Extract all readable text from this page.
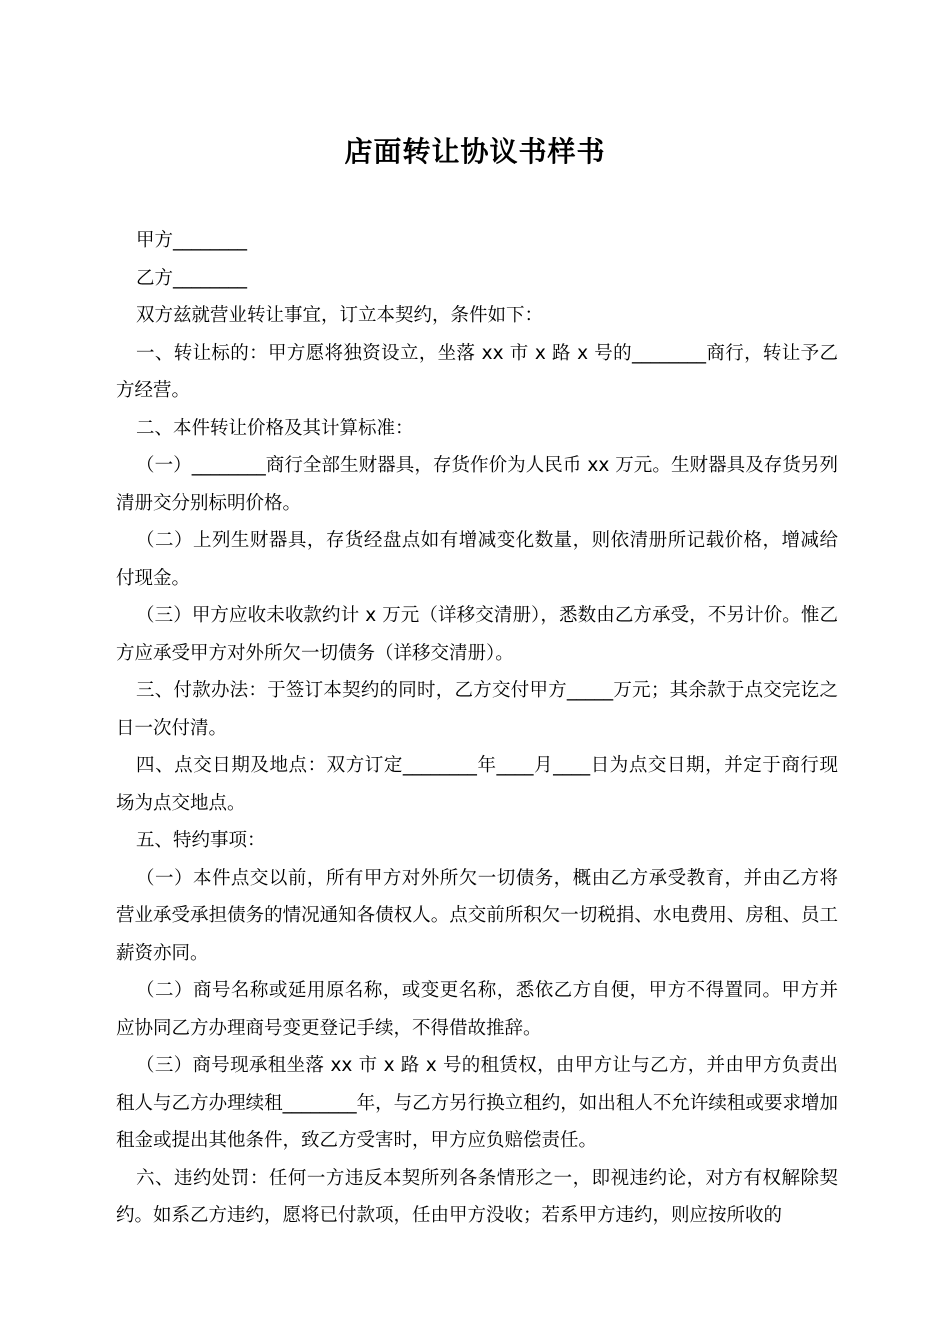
店面转让协议书样书

甲方________

乙方________

双方兹就营业转让事宜，订立本契约，条件如下：

一、转让标的：甲方愿将独资设立，坐落 xx 市 x 路 x 号的________商行，转让予乙方经营。

二、本件转让价格及其计算标准：

（一）________商行全部生财器具，存货作价为人民币 xx 万元。生财器具及存货另列清册交分别标明价格。

（二）上列生财器具，存货经盘点如有增减变化数量，则依清册所记载价格，增减给付现金。

（三）甲方应收未收款约计 x 万元（详移交清册），悉数由乙方承受，不另计价。惟乙方应承受甲方对外所欠一切债务（详移交清册）。

三、付款办法：于签订本契约的同时，乙方交付甲方_____万元；其余款于点交完讫之日一次付清。

四、点交日期及地点：双方订定________年____月____日为点交日期，并定于商行现场为点交地点。

五、特约事项：

（一）本件点交以前，所有甲方对外所欠一切债务，概由乙方承受教育，并由乙方将营业承受承担债务的情况通知各债权人。点交前所积欠一切税捐、水电费用、房租、员工薪资亦同。

（二）商号名称或延用原名称，或变更名称，悉依乙方自便，甲方不得置同。甲方并应协同乙方办理商号变更登记手续，不得借故推辞。

（三）商号现承租坐落 xx 市 x 路 x 号的租赁权，由甲方让与乙方，并由甲方负责出租人与乙方办理续租________年，与乙方另行换立租约，如出租人不允许续租或要求增加租金或提出其他条件，致乙方受害时，甲方应负赔偿责任。

六、违约处罚：任何一方违反本契所列各条情形之一，即视违约论，对方有权解除契约。如系乙方违约，愿将已付款项，任由甲方没收；若系甲方违约，则应按所收的
